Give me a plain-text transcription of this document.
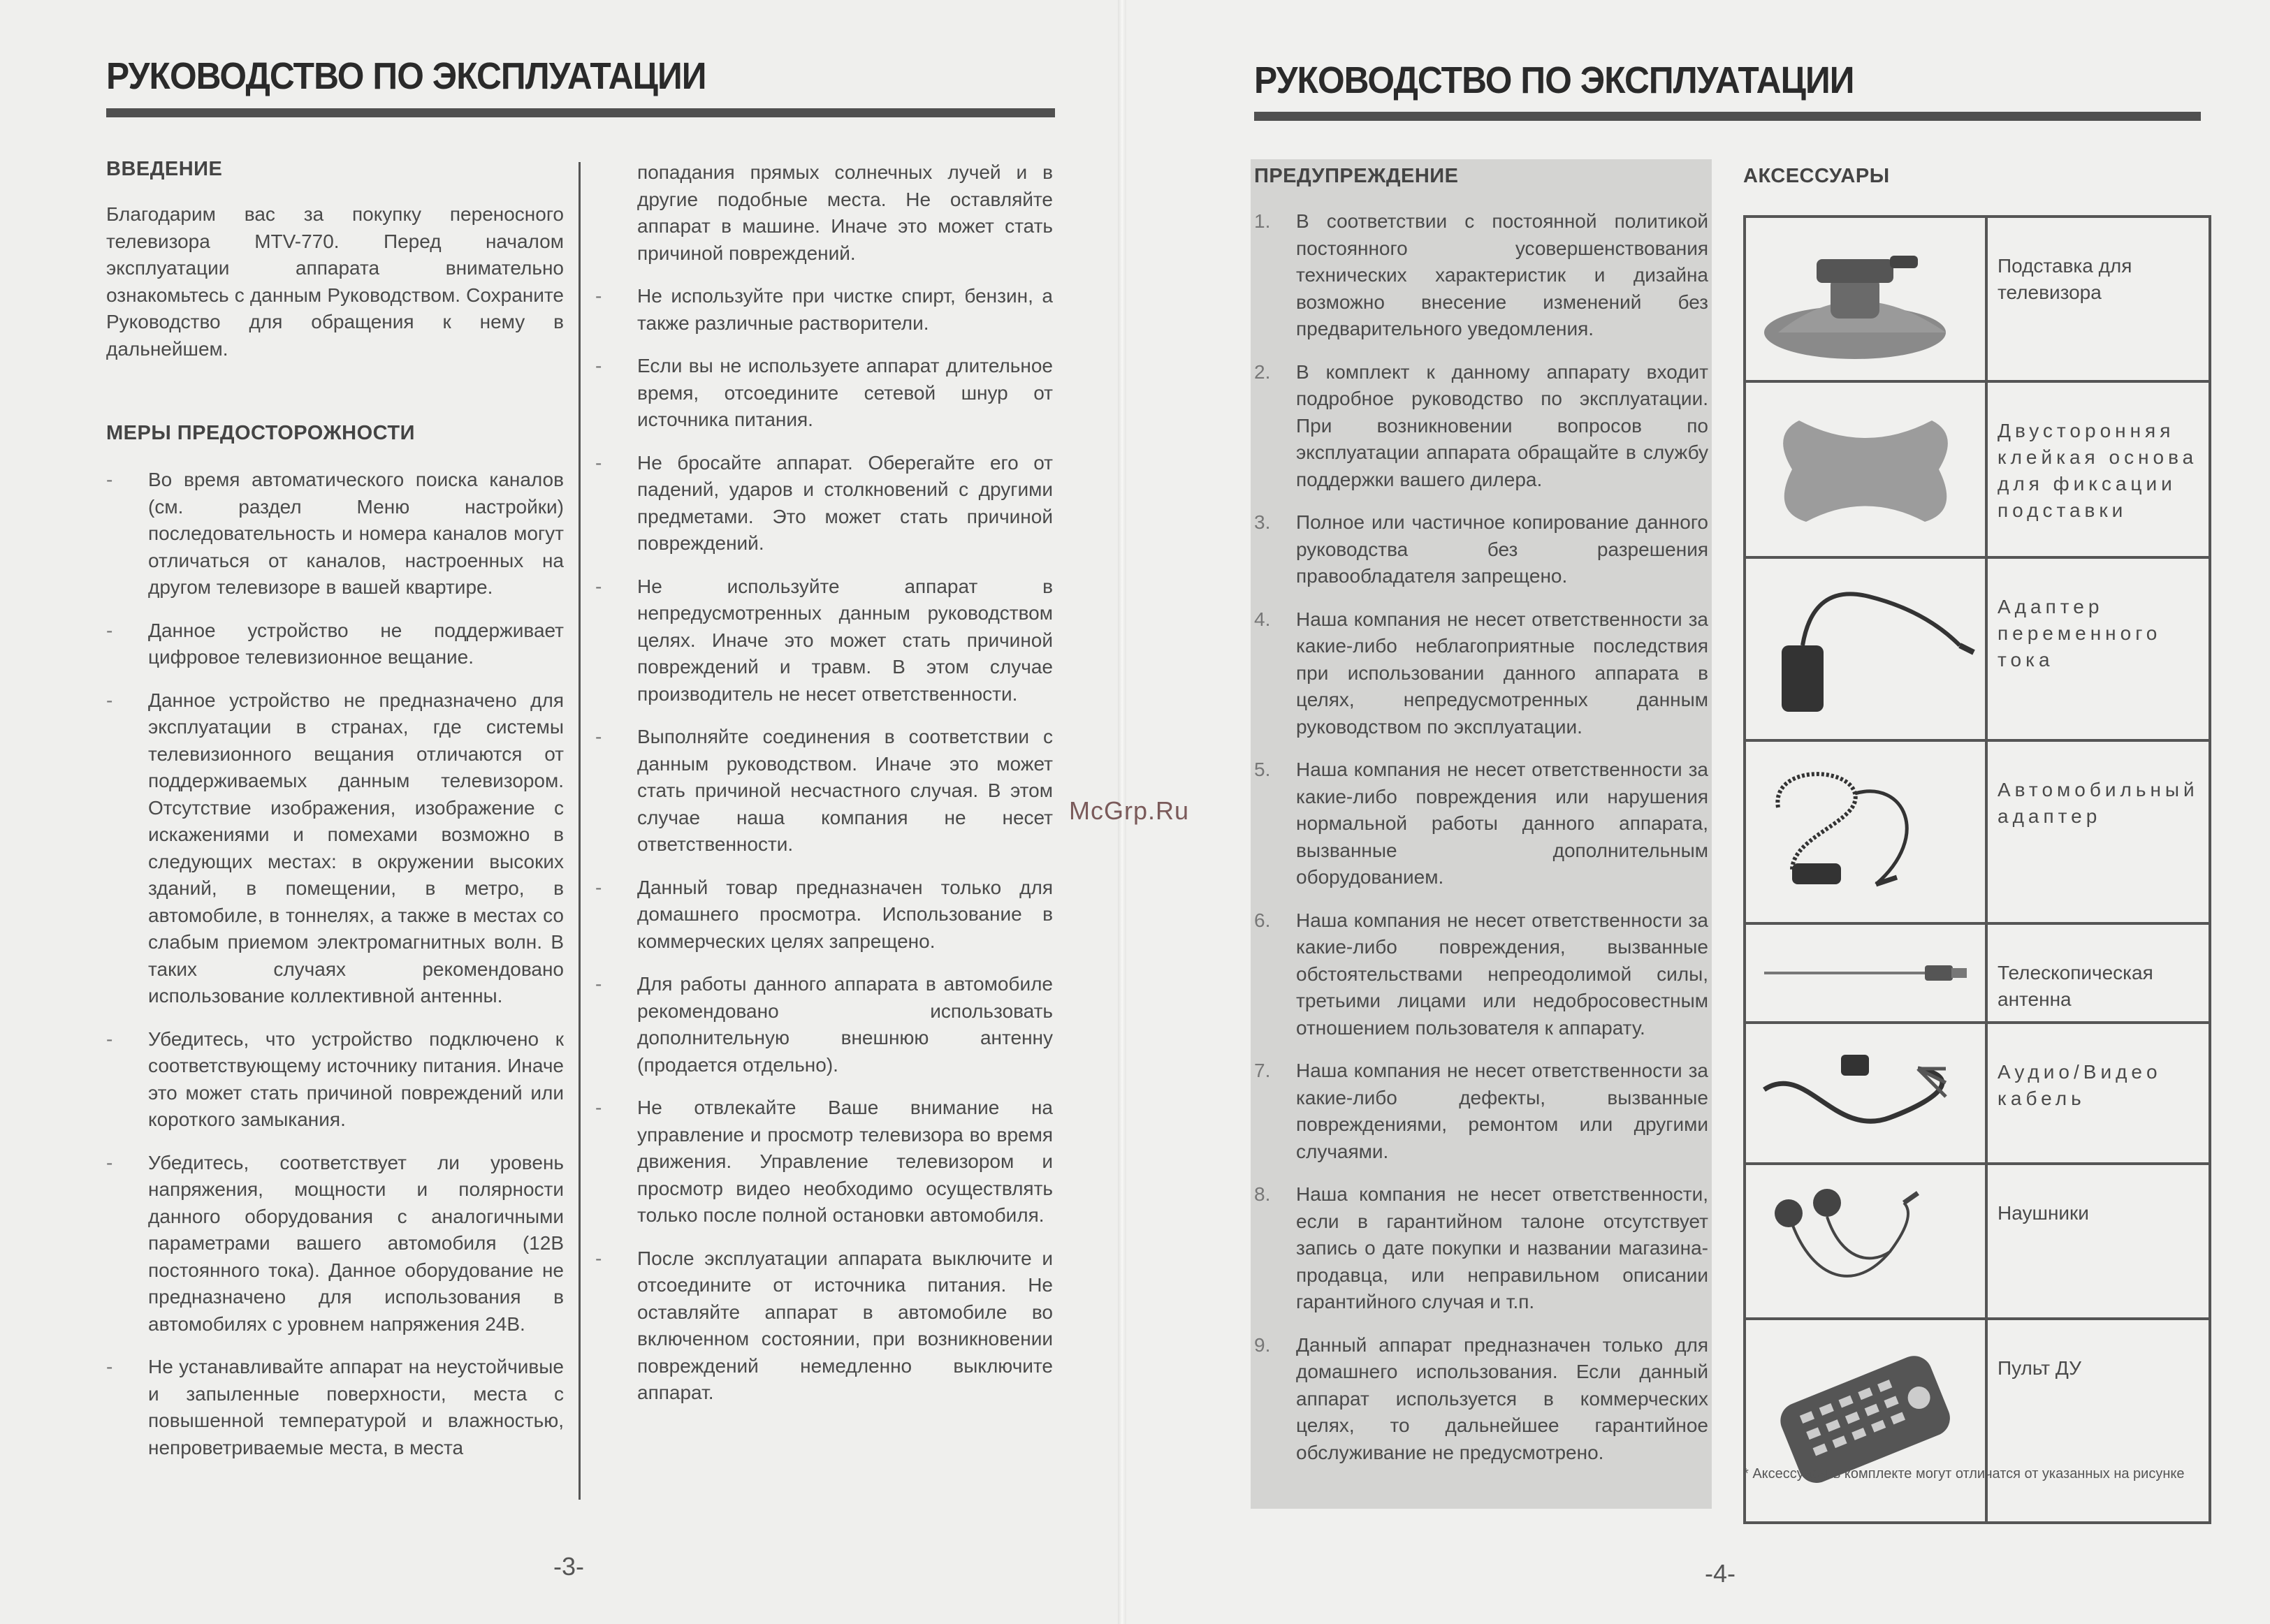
РУКОВОДСТВО ПО ЭКСПЛУАТАЦИИ
ВВЕДЕНИЕ
Благодарим вас за покупку переносного телевизора MTV-770. Перед началом эксплуатации аппарата внимательно ознакомьтесь с данным Руководством. Сохраните Руководство для обращения к нему в дальнейшем.
МЕРЫ ПРЕДОСТОРОЖНОСТИ
-	Во время автоматического поиска каналов (см. раздел Меню настройки) последовательность и номера каналов могут отличаться от каналов, настроенных на другом телевизоре в вашей квартире.
-	Данное устройство не поддерживает цифровое телевизионное вещание.
-	Данное устройство не предназначено для эксплуатации в странах, где системы телевизионного вещания отличаются от поддерживаемых данным телевизором. Отсутствие изображения, изображение с искажениями и помехами возможно в следующих местах: в окружении высоких зданий, в помещении, в метро, в автомобиле, в тоннелях, а также в местах со слабым приемом электромагнитных волн. В таких случаях рекомендовано использование коллективной антенны.
-	Убедитесь, что устройство подключено к соответствующему источнику питания. Иначе это может стать причиной повреждений или короткого замыкания.
-	Убедитесь, соответствует ли уровень напряжения, мощности и полярности данного оборудования с аналогичными параметрами вашего автомобиля (12В постоянного тока). Данное оборудование не предназначено для использования в автомобилях с уровнем напряжения 24В.
-	Не устанавливайте аппарат на неустойчивые и запыленные поверхности, места с повышенной температурой и влажностью, непроветриваемые места, в места
попадания прямых солнечных лучей и в другие подобные места. Не оставляйте аппарат в машине. Иначе это может стать причиной повреждений.
-	Не используйте при чистке спирт, бензин, а также различные растворители.
-	Если вы не используете аппарат длительное время, отсоедините сетевой шнур от источника питания.
-	Не бросайте аппарат. Оберегайте его от падений, ударов и столкновений с другими предметами. Это может стать причиной повреждений.
-	Не используйте аппарат в непредусмотренных данным руководством целях. Иначе это может стать причиной повреждений и травм. В этом случае производитель не несет ответственности.
-	Выполняйте соединения в соответствии с данным руководством. Иначе это может стать причиной несчастного случая. В этом случае наша компания не несет ответственности.
-	Данный товар предназначен только для домашнего просмотра. Использование в коммерческих целях запрещено.
-	Для работы данного аппарата в автомобиле рекомендовано использовать дополнительную внешнюю антенну (продается отдельно).
-	Не отвлекайте Ваше внимание на управление и просмотр телевизора во время движения. Управление телевизором и просмотр видео необходимо осуществлять только после полной остановки автомобиля.
-	После эксплуатации аппарата выключите и отсоедините от источника питания. Не оставляйте аппарат в автомобиле во включенном состоянии, при возникновении повреждений немедленно выключите аппарат.
McGrp.Ru
-3-
РУКОВОДСТВО ПО ЭКСПЛУАТАЦИИ
ПРЕДУПРЕЖДЕНИЕ
1.	В соответствии с постоянной политикой постоянного усовершенствования технических характеристик и дизайна возможно внесение изменений без предварительного уведомления.
2.	В комплект к данному аппарату входит подробное руководство по эксплуатации. При возникновении вопросов по эксплуатации аппарата обращайте в службу поддержки вашего дилера.
3.	Полное или частичное копирование данного руководства без разрешения правообладателя запрещено.
4.	Наша компания не несет ответственности за какие-либо неблагоприятные последствия при использовании данного аппарата в целях, непредусмотренных данным руководством по эксплуатации.
5.	Наша компания не несет ответственности за какие-либо повреждения или нарушения нормальной работы данного аппарата, вызванные дополнительным оборудованием.
6.	Наша компания не несет ответственности за какие-либо повреждения, вызванные обстоятельствами непреодолимой силы, третьими лицами или недобросовестным отношением пользователя к аппарату.
7.	Наша компания не несет ответственности за какие-либо дефекты, вызванные повреждениями, ремонтом или другими случаями.
8.	Наша компания не несет ответственности, если в гарантийном талоне отсутствует запись о дате покупки и названии магазина-продавца, или неправильном описании гарантийного случая и т.п.
9.	Данный аппарат предназначен только для домашнего использования. Если данный аппарат используется в коммерческих целях, то дальнейшее гарантийное обслуживание не предусмотрено.
АКСЕССУАРЫ
	Подставка для телевизора

	Двусторонняя клейкая основа для фиксации подставки

	Адаптер переменного тока

	Автомобильный адаптер

	Телескопическая антенна

	Аудио/Видео кабель

	Наушники

	Пульт ДУ
* Аксессуары в комплекте могут отличатся от указанных на рисунке
-4-
